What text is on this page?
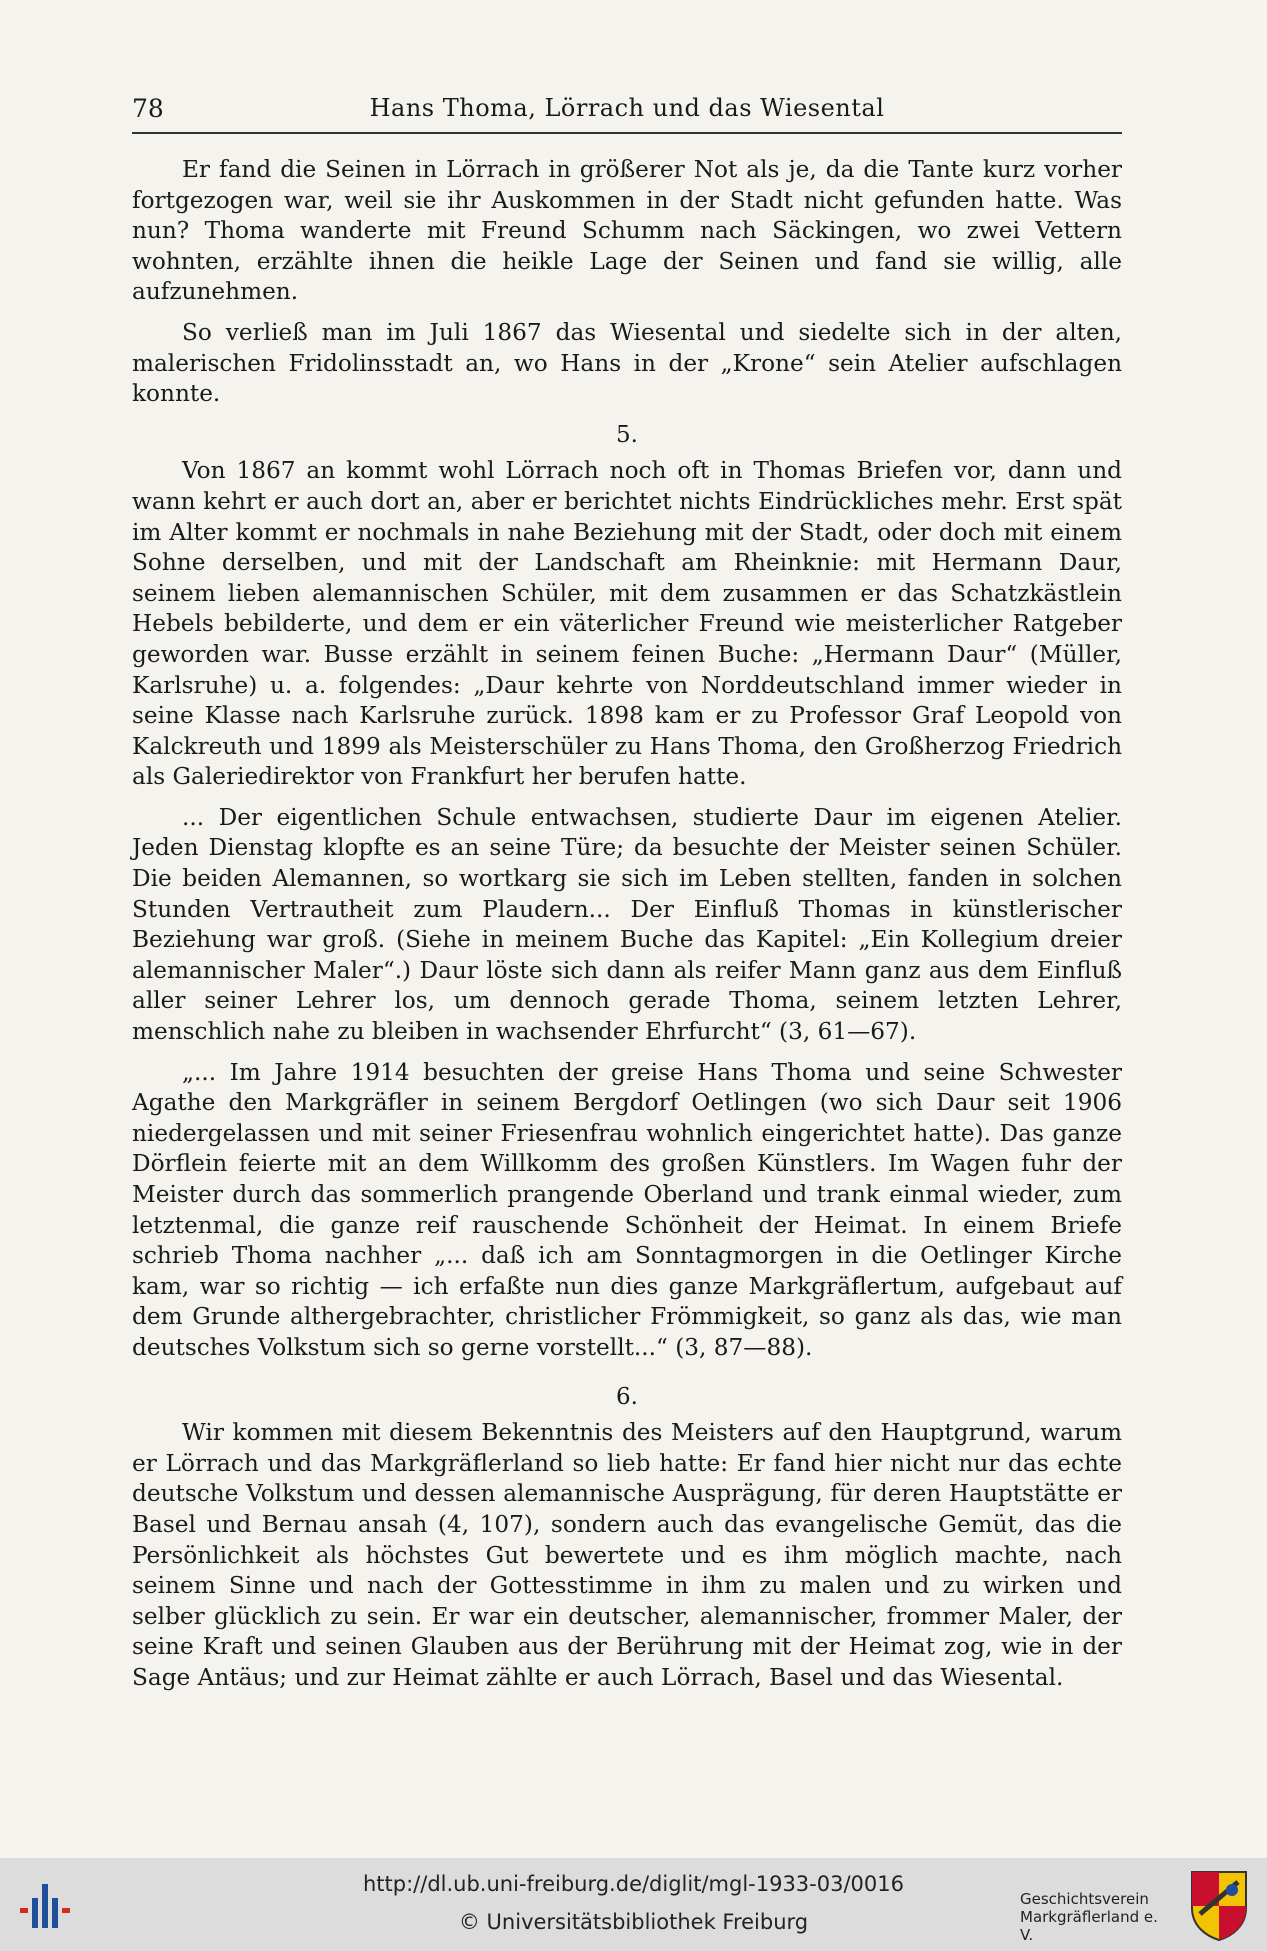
78	Hans Thoma, Lörrach und das Wiesental

Er fand die Seinen in Lörrach in größerer Not als je, da die Tante kurz vorher fortgezogen war, weil sie ihr Auskommen in der Stadt nicht gefunden hatte. Was nun? Thoma wanderte mit Freund Schumm nach Säckingen, wo zwei Vettern wohnten, erzählte ihnen die heikle Lage der Seinen und fand sie willig, alle aufzunehmen.

So verließ man im Juli 1867 das Wiesental und siedelte sich in der alten, malerischen Fridolinsstadt an, wo Hans in der „Krone“ sein Atelier aufschlagen konnte.

5.

Von 1867 an kommt wohl Lörrach noch oft in Thomas Briefen vor, dann und wann kehrt er auch dort an, aber er berichtet nichts Eindrückliches mehr. Erst spät im Alter kommt er nochmals in nahe Beziehung mit der Stadt, oder doch mit einem Sohne derselben, und mit der Landschaft am Rheinknie: mit Hermann Daur, seinem lieben alemannischen Schüler, mit dem zusammen er das Schatzkästlein Hebels bebilderte, und dem er ein väterlicher Freund wie meisterlicher Ratgeber geworden war. Busse erzählt in seinem feinen Buche: „Hermann Daur“ (Müller, Karlsruhe) u. a. folgendes: „Daur kehrte von Norddeutschland immer wieder in seine Klasse nach Karlsruhe zurück. 1898 kam er zu Professor Graf Leopold von Kalckreuth und 1899 als Meisterschüler zu Hans Thoma, den Großherzog Friedrich als Galeriedirektor von Frankfurt her berufen hatte.

... Der eigentlichen Schule entwachsen, studierte Daur im eigenen Atelier. Jeden Dienstag klopfte es an seine Türe; da besuchte der Meister seinen Schüler. Die beiden Alemannen, so wortkarg sie sich im Leben stellten, fanden in solchen Stunden Vertrautheit zum Plaudern... Der Einfluß Thomas in künstlerischer Beziehung war groß. (Siehe in meinem Buche das Kapitel: „Ein Kollegium dreier alemannischer Maler“.) Daur löste sich dann als reifer Mann ganz aus dem Einfluß aller seiner Lehrer los, um dennoch gerade Thoma, seinem letzten Lehrer, menschlich nahe zu bleiben in wachsender Ehrfurcht“ (3, 61—67).

„... Im Jahre 1914 besuchten der greise Hans Thoma und seine Schwester Agathe den Markgräfler in seinem Bergdorf Oetlingen (wo sich Daur seit 1906 niedergelassen und mit seiner Friesenfrau wohnlich eingerichtet hatte). Das ganze Dörflein feierte mit an dem Willkomm des großen Künstlers. Im Wagen fuhr der Meister durch das sommerlich prangende Oberland und trank einmal wieder, zum letztenmal, die ganze reif rauschende Schönheit der Heimat. In einem Briefe schrieb Thoma nachher „... daß ich am Sonntagmorgen in die Oetlinger Kirche kam, war so richtig — ich erfaßte nun dies ganze Markgräflertum, aufgebaut auf dem Grunde althergebrachter, christlicher Frömmigkeit, so ganz als das, wie man deutsches Volkstum sich so gerne vorstellt...“ (3, 87—88).

6.

Wir kommen mit diesem Bekenntnis des Meisters auf den Hauptgrund, warum er Lörrach und das Markgräflerland so lieb hatte: Er fand hier nicht nur das echte deutsche Volkstum und dessen alemannische Ausprägung, für deren Hauptstätte er Basel und Bernau ansah (4, 107), sondern auch das evangelische Gemüt, das die Persönlichkeit als höchstes Gut bewertete und es ihm möglich machte, nach seinem Sinne und nach der Gottesstimme in ihm zu malen und zu wirken und selber glücklich zu sein. Er war ein deutscher, alemannischer, frommer Maler, der seine Kraft und seinen Glauben aus der Berührung mit der Heimat zog, wie in der Sage Antäus; und zur Heimat zählte er auch Lörrach, Basel und das Wiesental.

http://dl.ub.uni-freiburg.de/diglit/mgl-1933-03/0016
© Universitätsbibliothek Freiburg
Geschichtsverein
Markgräflerland e. V.
